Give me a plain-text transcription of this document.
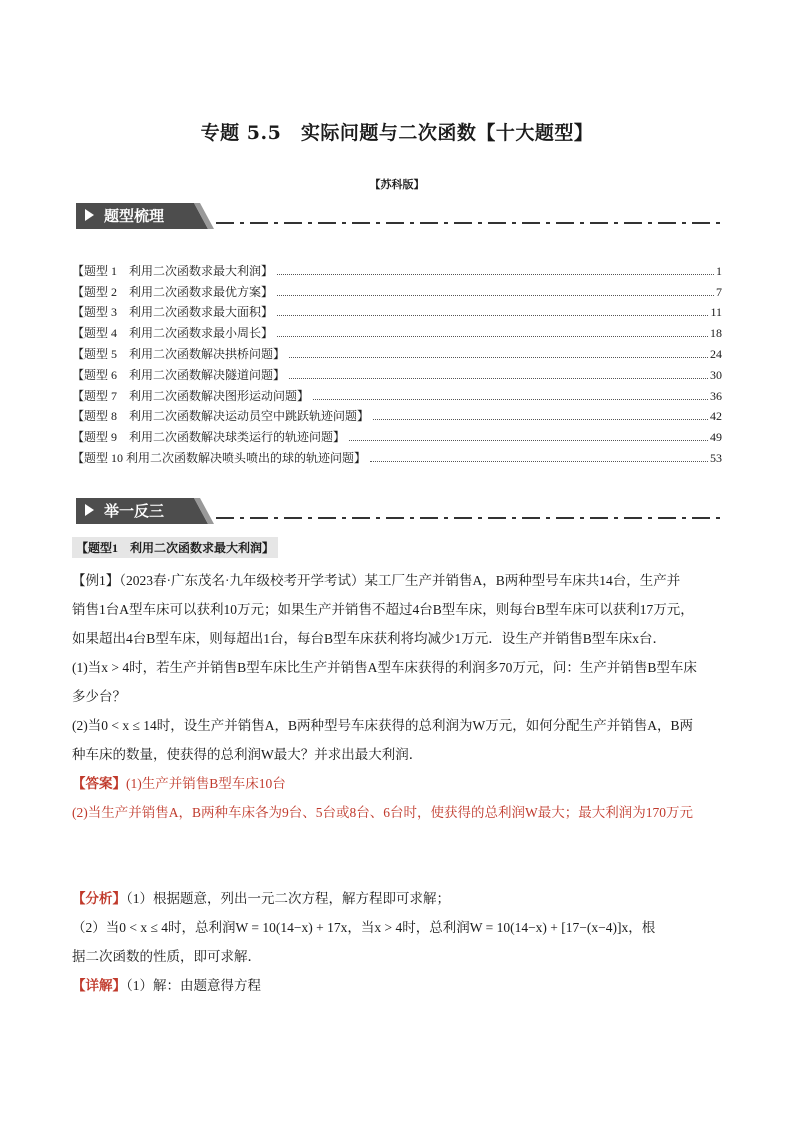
专题 5.5　实际问题与二次函数【十大题型】
【苏科版】
题型梳理
【题型 1　利用二次函数求最大利润】	1
【题型 2　利用二次函数求最优方案】	7
【题型 3　利用二次函数求最大面积】	11
【题型 4　利用二次函数求最小周长】	18
【题型 5　利用二次函数解决拱桥问题】	24
【题型 6　利用二次函数解决隧道问题】	30
【题型 7　利用二次函数解决图形运动问题】	36
【题型 8　利用二次函数解决运动员空中跳跃轨迹问题】	42
【题型 9　利用二次函数解决球类运行的轨迹问题】	49
【题型 10 利用二次函数解决喷头喷出的球的轨迹问题】	53
举一反三
【题型1　利用二次函数求最大利润】
【例1】（2023春·广东茂名·九年级校考开学考试）某工厂生产并销售A，B两种型号车床共14台，生产并
销售1台A型车床可以获利10万元；如果生产并销售不超过4台B型车床，则每台B型车床可以获利17万元，
如果超出4台B型车床，则每超出1台，每台B型车床获利将均减少1万元．设生产并销售B型车床x台．
(1)当x > 4时，若生产并销售B型车床比生产并销售A型车床获得的利润多70万元，问：生产并销售B型车床
多少台？
(2)当0 < x ≤ 14时，设生产并销售A，B两种型号车床获得的总利润为W万元，如何分配生产并销售A，B两
种车床的数量，使获得的总利润W最大？并求出最大利润．
【答案】(1)生产并销售B型车床10台
(2)当生产并销售A，B两种车床各为9台、5台或8台、6台时，使获得的总利润W最大；最大利润为170万元
【分析】（1）根据题意，列出一元二次方程，解方程即可求解；
（2）当0 < x ≤ 4时，总利润W = 10(14−x) + 17x，当x > 4时，总利润W = 10(14−x) + [17−(x−4)]x，根
据二次函数的性质，即可求解．
【详解】（1）解：由题意得方程
